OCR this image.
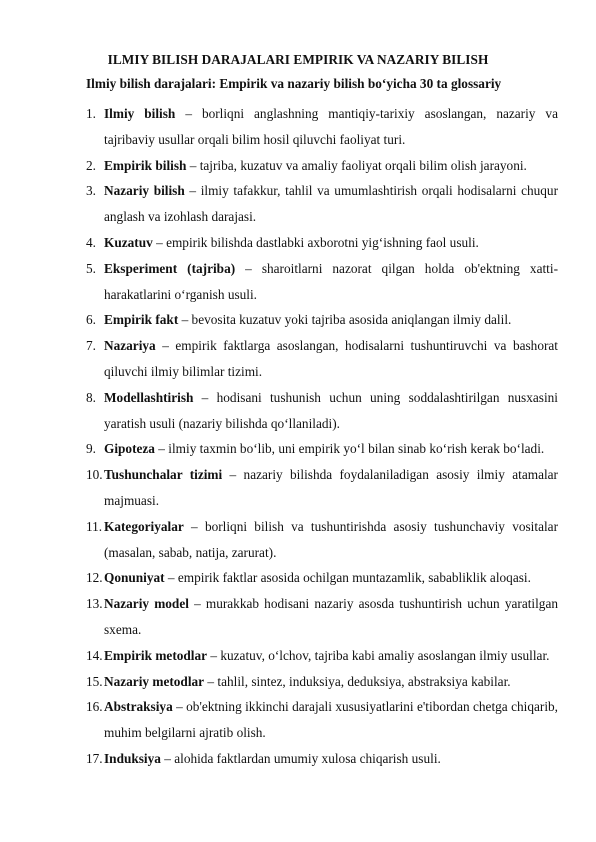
ILMIY BILISH DARAJALARI EMPIRIK VA NAZARIY BILISH
Ilmiy bilish darajalari: Empirik va nazariy bilish bo‘yicha 30 ta glossariy
1. Ilmiy bilish – borliqni anglashning mantiqiy-tarixiy asoslangan, nazariy va tajribaviy usullar orqali bilim hosil qiluvchi faoliyat turi.
2. Empirik bilish – tajriba, kuzatuv va amaliy faoliyat orqali bilim olish jarayoni.
3. Nazariy bilish – ilmiy tafakkur, tahlil va umumlashtirish orqali hodisalarni chuqur anglash va izohlash darajasi.
4. Kuzatuv – empirik bilishda dastlabki axborotni yig‘ishning faol usuli.
5. Eksperiment (tajriba) – sharoitlarni nazorat qilgan holda ob'ektning xatti-harakatlarini o‘rganish usuli.
6. Empirik fakt – bevosita kuzatuv yoki tajriba asosida aniqlangan ilmiy dalil.
7. Nazariya – empirik faktlarga asoslangan, hodisalarni tushuntiruvchi va bashorat qiluvchi ilmiy bilimlar tizimi.
8. Modellashtirish – hodisani tushunish uchun uning soddalashtirilgan nusxasini yaratish usuli (nazariy bilishda qo‘llaniladi).
9. Gipoteza – ilmiy taxmin bo‘lib, uni empirik yo‘l bilan sinab ko‘rish kerak bo‘ladi.
10. Tushunchalar tizimi – nazariy bilishda foydalaniladigan asosiy ilmiy atamalar majmuasi.
11. Kategoriyalar – borliqni bilish va tushuntirishda asosiy tushunchaviy vositalar (masalan, sabab, natija, zarurat).
12. Qonuniyat – empirik faktlar asosida ochilgan muntazamlik, sababliklik aloqasi.
13. Nazariy model – murakkab hodisani nazariy asosda tushuntirish uchun yaratilgan sxema.
14. Empirik metodlar – kuzatuv, o‘lchov, tajriba kabi amaliy asoslangan ilmiy usullar.
15. Nazariy metodlar – tahlil, sintez, induksiya, deduksiya, abstraksiya kabilar.
16. Abstraksiya – ob'ektning ikkinchi darajali xususiyatlarini e'tibordan chetga chiqarib, muhim belgilarni ajratib olish.
17. Induksiya – alohida faktlardan umumiy xulosa chiqarish usuli.
